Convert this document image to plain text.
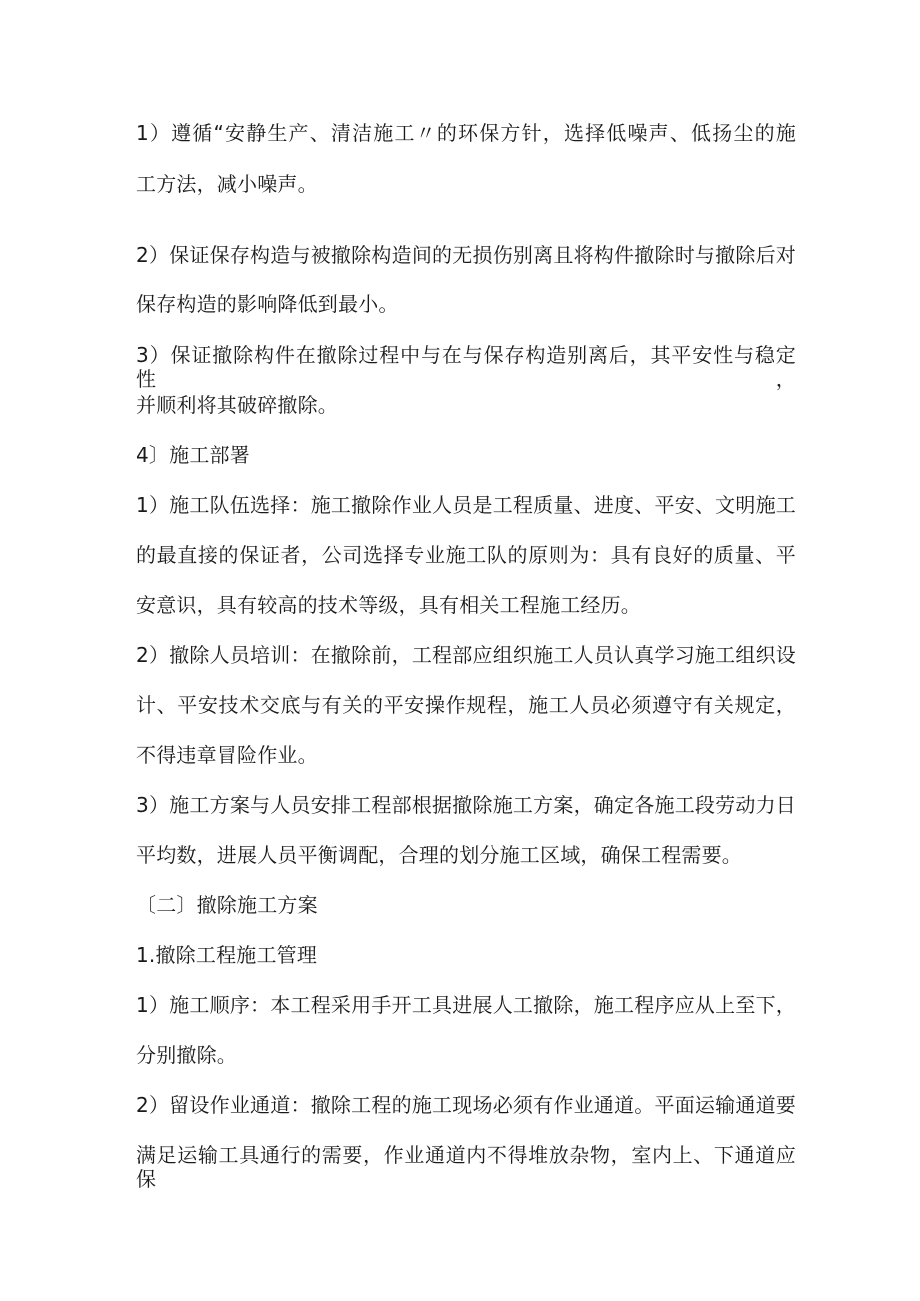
1）遵循“安静生产、清洁施工〃的环保方针，选择低噪声、低扬尘的施
工方法，减小噪声。
2）保证保存构造与被撤除构造间的无损伤别离且将构件撤除时与撤除后对
保存构造的影响降低到最小。
3）保证撤除构件在撤除过程中与在与保存构造别离后，其平安性与稳定性，
并顺利将其破碎撤除。
4〕施工部署
1）施工队伍选择：施工撤除作业人员是工程质量、进度、平安、文明施工
的最直接的保证者，公司选择专业施工队的原则为：具有良好的质量、平
安意识，具有较高的技术等级，具有相关工程施工经历。
2）撤除人员培训：在撤除前，工程部应组织施工人员认真学习施工组织设
计、平安技术交底与有关的平安操作规程，施工人员必须遵守有关规定，
不得违章冒险作业。
3）施工方案与人员安排工程部根据撤除施工方案，确定各施工段劳动力日
平均数，进展人员平衡调配，合理的划分施工区域，确保工程需要。
〔二〕撤除施工方案
1.撤除工程施工管理
1）施工顺序：本工程采用手开工具进展人工撤除，施工程序应从上至下，
分别撤除。
2）留设作业通道：撤除工程的施工现场必须有作业通道。平面运输通道要
满足运输工具通行的需要，作业通道内不得堆放杂物，室内上、下通道应保
